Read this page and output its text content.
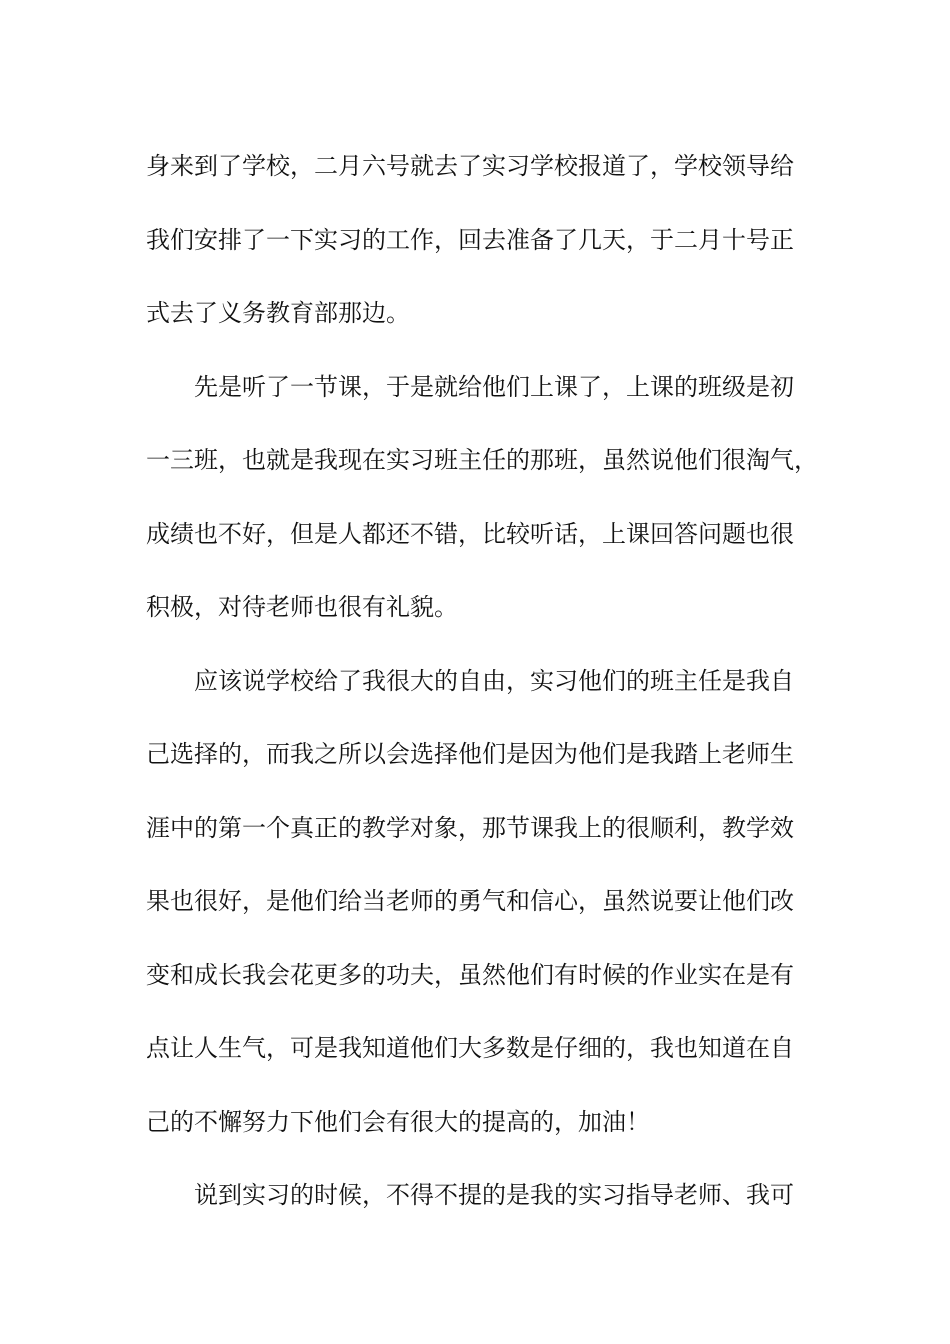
身来到了学校，二月六号就去了实习学校报道了，学校领导给
我们安排了一下实习的工作，回去准备了几天，于二月十号正
式去了义务教育部那边。
先是听了一节课，于是就给他们上课了，上课的班级是初
一三班，也就是我现在实习班主任的那班，虽然说他们很淘气，
成绩也不好，但是人都还不错，比较听话，上课回答问题也很
积极，对待老师也很有礼貌。
应该说学校给了我很大的自由，实习他们的班主任是我自
己选择的，而我之所以会选择他们是因为他们是我踏上老师生
涯中的第一个真正的教学对象，那节课我上的很顺利，教学效
果也很好，是他们给当老师的勇气和信心，虽然说要让他们改
变和成长我会花更多的功夫，虽然他们有时候的作业实在是有
点让人生气，可是我知道他们大多数是仔细的，我也知道在自
己的不懈努力下他们会有很大的提高的，加油！
说到实习的时候，不得不提的是我的实习指导老师、我可
